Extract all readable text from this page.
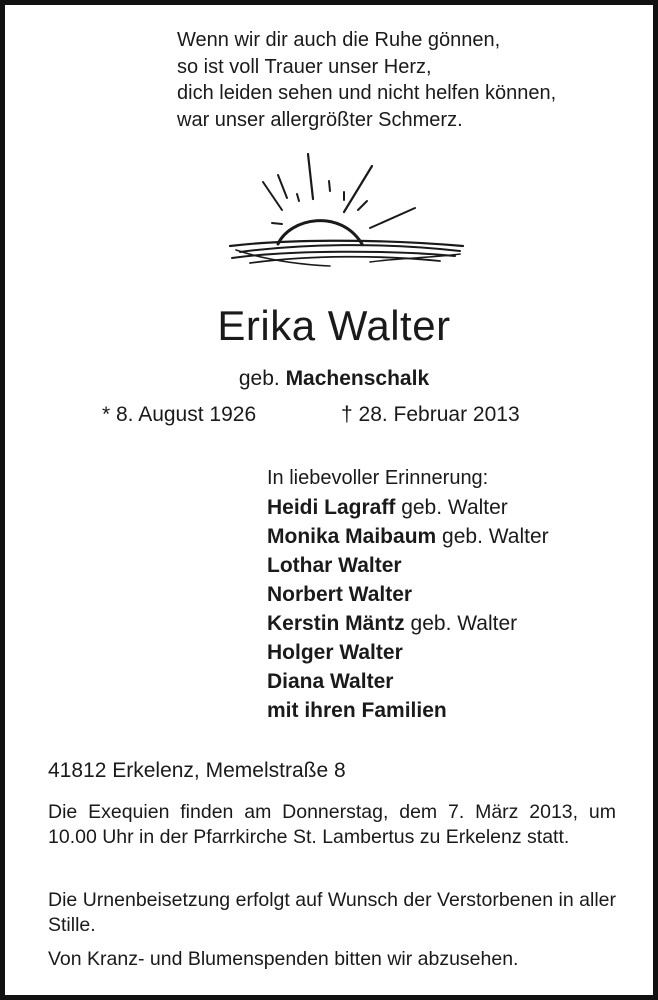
Wenn wir dir auch die Ruhe gönnen,
so ist voll Trauer unser Herz,
dich leiden sehen und nicht helfen können,
war unser allergrößter Schmerz.
Erika Walter
geb. Machenschalk
* 8. August 1926	† 28. Februar 2013
In liebevoller Erinnerung:
Heidi Lagraff geb. Walter
Monika Maibaum geb. Walter
Lothar Walter
Norbert Walter
Kerstin Mäntz geb. Walter
Holger Walter
Diana Walter
mit ihren Familien
41812 Erkelenz, Memelstraße 8
Die Exequien finden am Donnerstag, dem 7. März 2013, um 10.00 Uhr in der Pfarrkirche St. Lambertus zu Erkelenz statt.
Die Urnenbeisetzung erfolgt auf Wunsch der Verstorbenen in aller Stille.
Von Kranz- und Blumenspenden bitten wir abzusehen.
